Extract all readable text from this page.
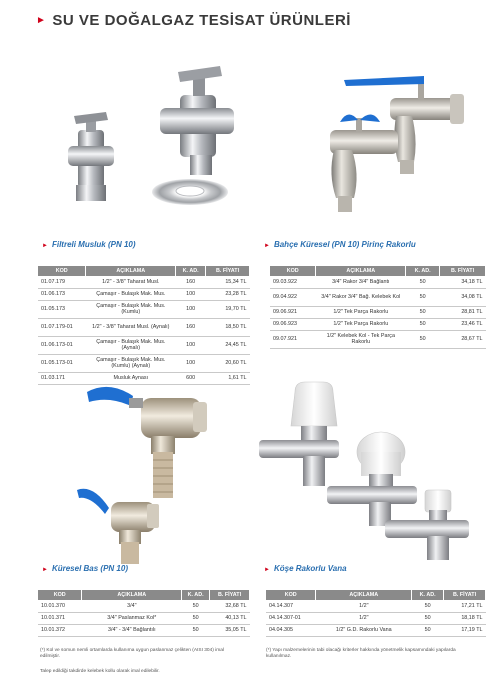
► SU VE DOĞALGAZ TESİSAT ÜRÜNLERİ
► Filtreli Musluk (PN 10)
KOD	AÇIKLAMA	K. AD.	B. FİYATI
01.07.179	1/2" - 3/8" Taharat Musl.	160	15,34 TL
01.06.173	Çamaşır - Bulaşık Mak. Mus.	100	23,28 TL
01.05.173	Çamaşır - Bulaşık Mak. Mus. (Kumlu)	100	19,70 TL
01.07.179-01	1/2" - 3/8" Taharat Musl. (Aynalı)	160	18,50 TL
01.06.173-01	Çamaşır - Bulaşık Mak. Mus. (Aynalı)	100	24,45 TL
01.05.173-01	Çamaşır - Bulaşık Mak. Mus. (Kumlu) (Aynalı)	100	20,60 TL
01.03.171	Musluk Aynası	600	1,61 TL
► Bahçe Küresel (PN 10) Pirinç Rakorlu
KOD	AÇIKLAMA	K. AD.	B. FİYATI
09.03.922	3/4" Rakor 3/4" Bağlantı	50	34,18 TL
09.04.922	3/4" Rakor 3/4" Bağ. Kelebek Kol	50	34,08 TL
09.06.921	1/2" Tek Parça Rakorlu	50	28,81 TL
09.06.923	1/2" Tek Parça Rakorlu	50	23,46 TL
09.07.921	1/2" Kelebek Kol - Tek Parça Rakorlu	50	28,67 TL
► Küresel Bas (PN 10)
KOD	AÇIKLAMA	K. AD.	B. FİYATI
10.01.370	3/4"	50	32,68 TL
10.01.371	3/4" Paslanmaz Kol*	50	40,13 TL
10.01.372	3/4" - 3/4" Bağlantılı	50	35,05 TL
(*) Kol ve somun nemli ortamlarda kullanıma uygun paslanmaz çelikten (AISI 304) imal edilmiştir.
Talep edildiği takdirde kelebek kollu olarak imal edilebilir.
► Köşe Rakorlu Vana
KOD	AÇIKLAMA	K. AD.	B. FİYATI
04.14.307	1/2"	50	17,21 TL
04.14.307-01	1/2"	50	18,18 TL
04.04.305	1/2" G.D. Rakorlu Vana	50	17,19 TL
(*) Yapı malzemelerinin tabi olacağı kriterler hakkında yönetmelik kapsamındaki yapılarda kullanılmaz.
